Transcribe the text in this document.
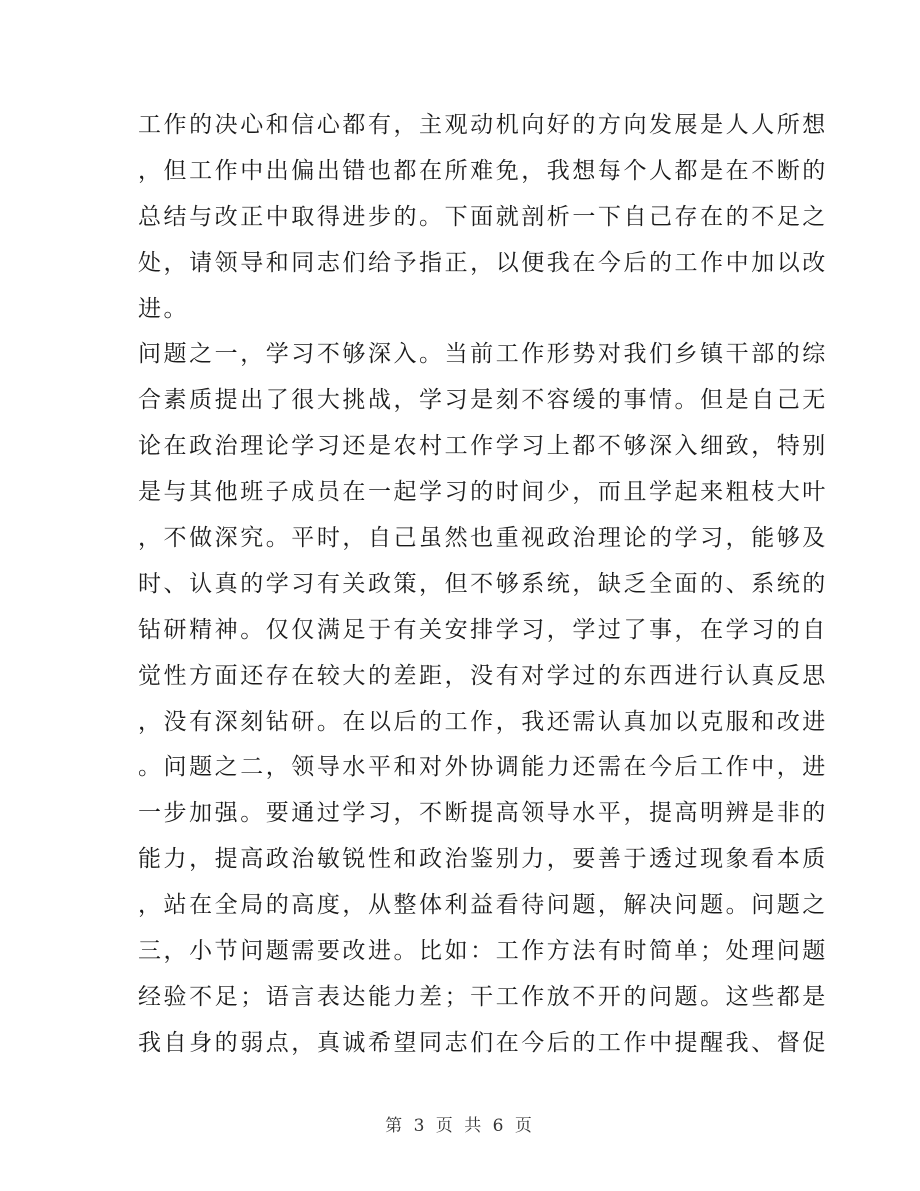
工作的决心和信心都有，主观动机向好的方向发展是人人所想
，但工作中出偏出错也都在所难免，我想每个人都是在不断的
总结与改正中取得进步的。下面就剖析一下自己存在的不足之
处，请领导和同志们给予指正，以便我在今后的工作中加以改
进。
问题之一，学习不够深入。当前工作形势对我们乡镇干部的综
合素质提出了很大挑战，学习是刻不容缓的事情。但是自己无
论在政治理论学习还是农村工作学习上都不够深入细致，特别
是与其他班子成员在一起学习的时间少，而且学起来粗枝大叶
，不做深究。平时，自己虽然也重视政治理论的学习，能够及
时、认真的学习有关政策，但不够系统，缺乏全面的、系统的
钻研精神。仅仅满足于有关安排学习，学过了事，在学习的自
觉性方面还存在较大的差距，没有对学过的东西进行认真反思
，没有深刻钻研。在以后的工作，我还需认真加以克服和改进
。问题之二，领导水平和对外协调能力还需在今后工作中，进
一步加强。要通过学习，不断提高领导水平，提高明辨是非的
能力，提高政治敏锐性和政治鉴别力，要善于透过现象看本质
，站在全局的高度，从整体利益看待问题，解决问题。问题之
三，小节问题需要改进。比如：工作方法有时简单；处理问题
经验不足；语言表达能力差；干工作放不开的问题。这些都是
我自身的弱点，真诚希望同志们在今后的工作中提醒我、督促
第 3 页 共 6 页
